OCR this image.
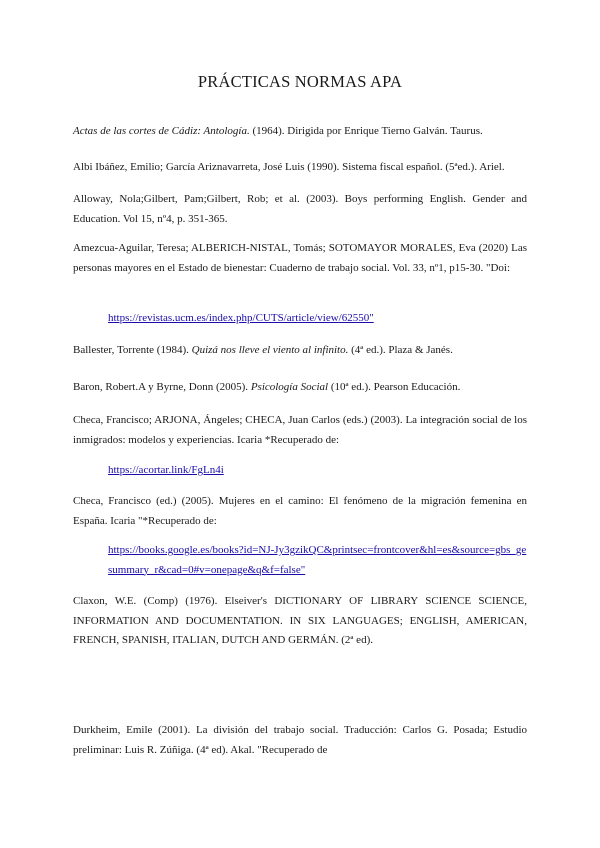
PRÁCTICAS NORMAS APA

Actas de las cortes de Cádiz: Antología. (1964). Dirigida por Enrique Tierno Galván. Taurus.

Albi Ibáñez, Emilio; García Ariznavarreta, José Luis (1990). Sistema fiscal español. (5ªed.). Ariel.

Alloway, Nola;Gilbert, Pam;Gilbert, Rob; et al. (2003). Boys performing English. Gender and Education. Vol 15, nº4, p. 351-365.

Amezcua-Aguilar, Teresa; ALBERICH-NISTAL, Tomás; SOTOMAYOR MORALES, Eva (2020) Las personas mayores en el Estado de bienestar: Cuaderno de trabajo social. Vol. 33, nº1, p15-30. "Doi:

https://revistas.ucm.es/index.php/CUTS/article/view/62550"

Ballester, Torrente (1984). Quizá nos lleve el viento al infinito. (4ª ed.). Plaza & Janés.

Baron, Robert.A y Byrne, Donn (2005). Psicología Social (10ª ed.). Pearson Educación.

Checa, Francisco; ARJONA, Ángeles; CHECA, Juan Carlos (eds.) (2003). La integración social de los inmigrados: modelos y experiencias. Icaria *Recuperado de:

https://acortar.link/FgLn4i

Checa, Francisco (ed.) (2005). Mujeres en el camino: El fenómeno de la migración femenina en España. Icaria "*Recuperado de:

https://books.google.es/books?id=NJ-Jy3gzikQC&printsec=frontcover&hl=es&source=gbs_ge summary_r&cad=0#v=onepage&q&f=false"

Claxon, W.E. (Comp) (1976). Elseiver's DICTIONARY OF LIBRARY SCIENCE SCIENCE, INFORMATION AND DOCUMENTATION. IN SIX LANGUAGES; ENGLISH, AMERICAN, FRENCH, SPANISH, ITALIAN, DUTCH AND GERMÁN. (2ª ed).

Durkheim, Emile (2001). La división del trabajo social. Traducción: Carlos G. Posada; Estudio preliminar: Luis R. Zúñiga. (4ª ed). Akal. "Recuperado de
